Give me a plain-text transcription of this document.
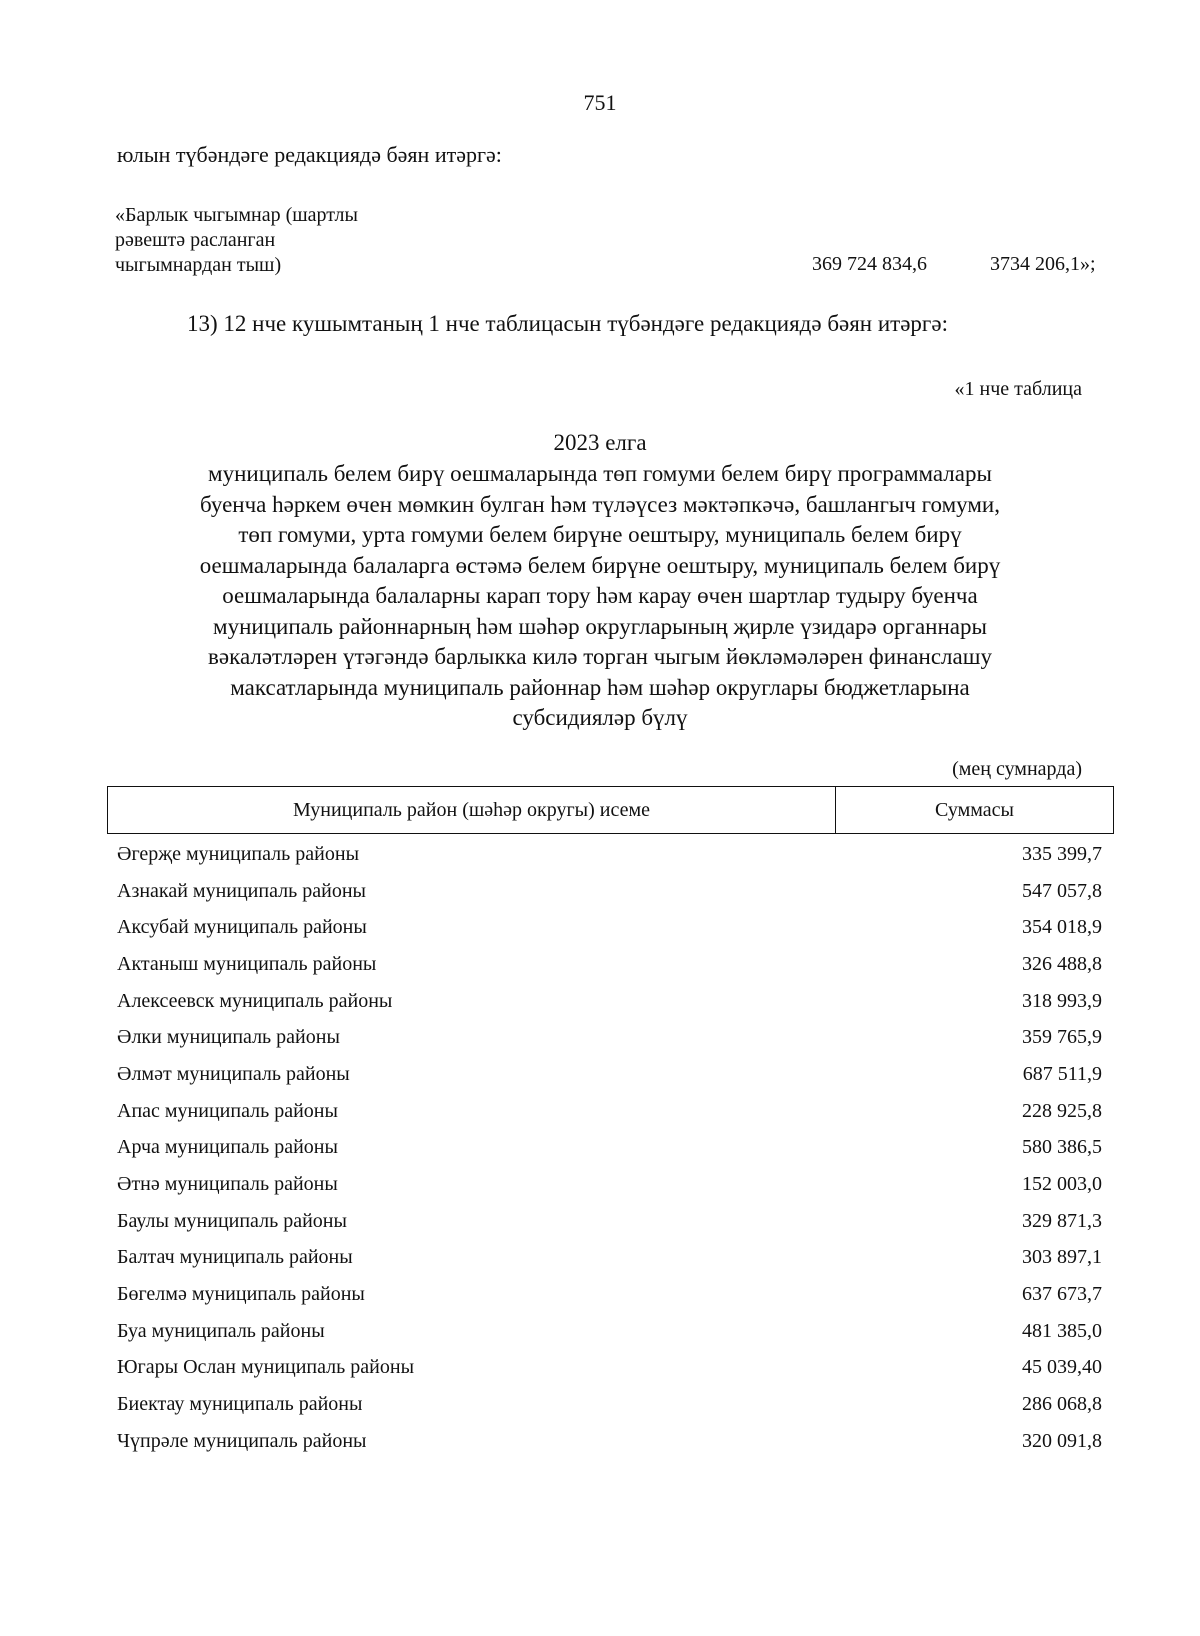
751
юлын түбәндәге редакциядә бәян итәргә:
«Барлык чыгымнар (шартлы
рәвештә расланган
чыгымнардан тыш)	369 724 834,6	3734 206,1»;
13) 12 нче кушымтаның 1 нче таблицасын түбәндәге редакциядә бәян итәргә:
«1 нче таблица
2023 елга
муниципаль белем бирү оешмаларында төп гомуми белем бирү программалары
буенча һәркем өчен мөмкин булган һәм түләүсез мәктәпкәчә, башлангыч гомуми,
төп гомуми, урта гомуми белем бирүне оештыру, муниципаль белем бирү
оешмаларында балаларга өстәмә белем бирүне оештыру, муниципаль белем бирү
оешмаларында балаларны карап тору һәм карау өчен шартлар тудыру буенча
муниципаль районнарның һәм шәһәр округларының җирле үзидарә органнары
вәкаләтләрен үтәгәндә барлыкка килә торган чыгым йөкләмәләрен финанслашу
максатларында муниципаль районнар һәм шәһәр округлары бюджетларына
субсидияләр бүлү
(мең сумнарда)
Муниципаль район (шәһәр округы) исеме	Суммасы
Әгерҗе муниципаль районы	335 399,7
Азнакай муниципаль районы	547 057,8
Аксубай муниципаль районы	354 018,9
Актаныш муниципаль районы	326 488,8
Алексеевск муниципаль районы	318 993,9
Әлки муниципаль районы	359 765,9
Әлмәт муниципаль районы	687 511,9
Апас муниципаль районы	228 925,8
Арча муниципаль районы	580 386,5
Әтнә муниципаль районы	152 003,0
Баулы муниципаль районы	329 871,3
Балтач муниципаль районы	303 897,1
Бөгелмә муниципаль районы	637 673,7
Буа муниципаль районы	481 385,0
Югары Ослан муниципаль районы	45 039,40
Биектау муниципаль районы	286 068,8
Чүпрәле муниципаль районы	320 091,8
